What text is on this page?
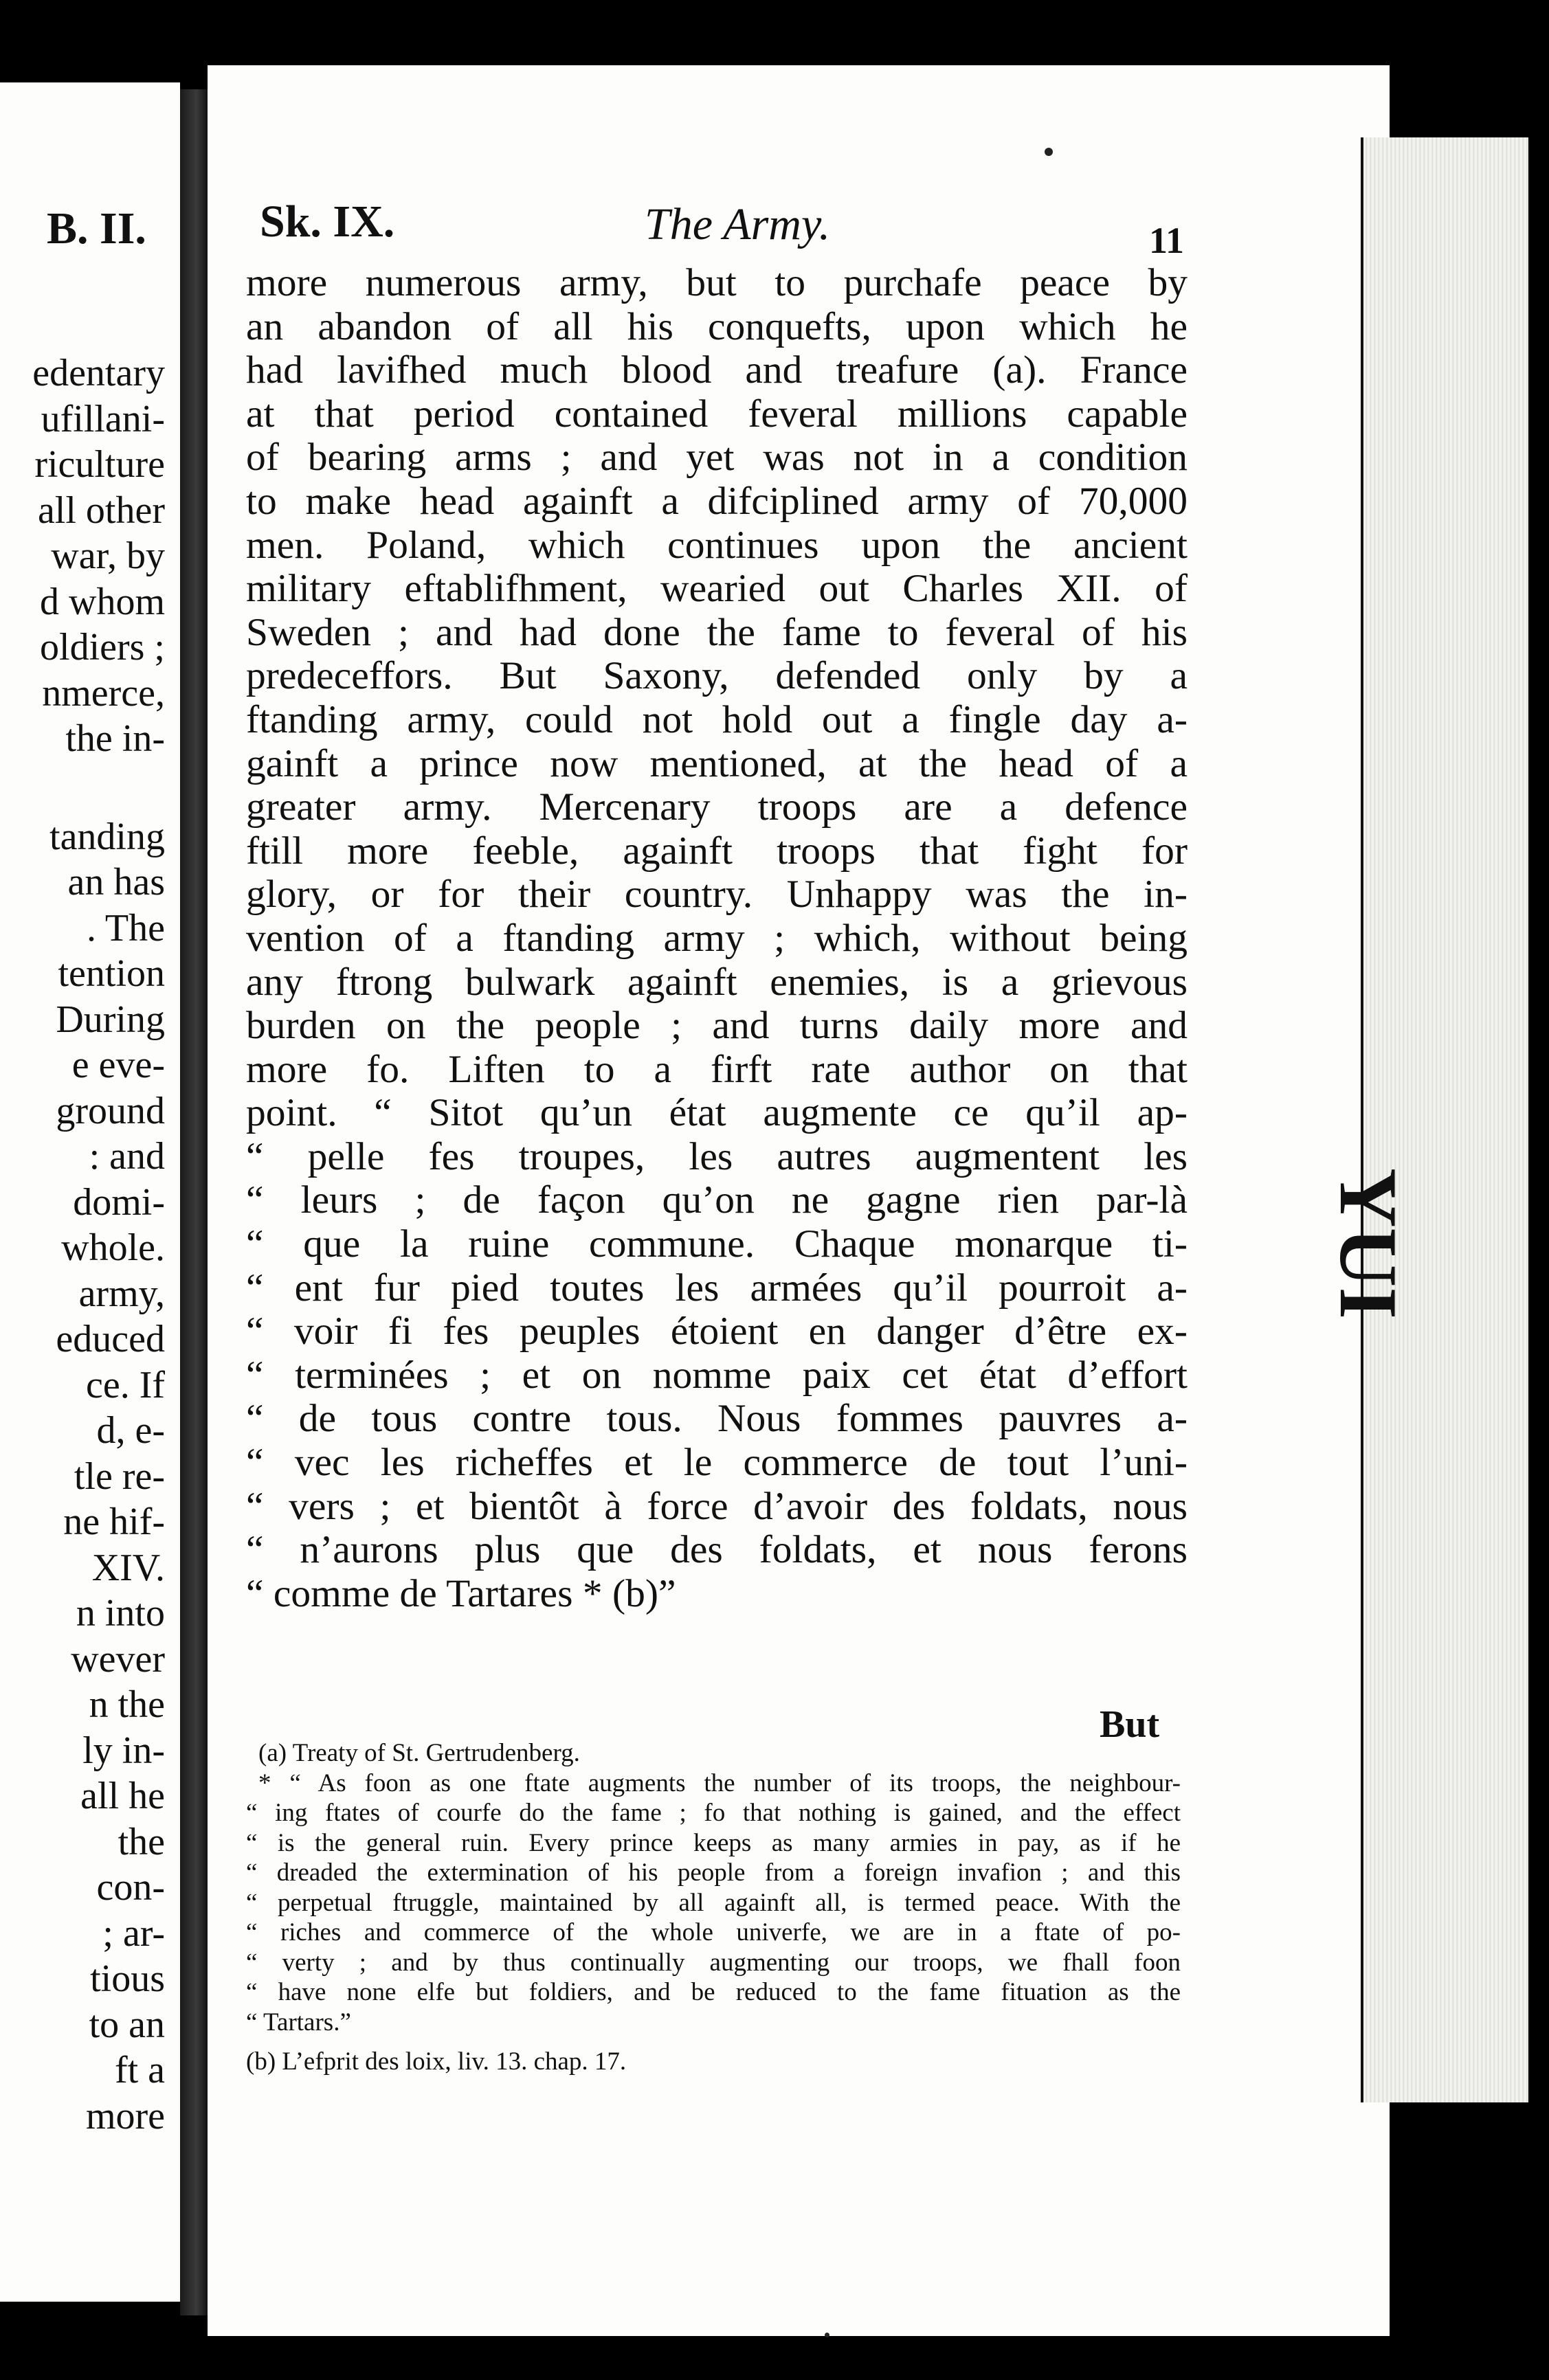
B. II.
edentary
ufillani-
riculture
all other
war, by
d whom
oldiers ;
nmerce,
the in-
tanding
an has
. The
tention
During
e eve-
ground
: and
domi-
whole.
army,
educed
ce. If
d, e-
tle re-
ne hif-
XIV.
n into
wever
n the
ly in-
all he
the
con-
; ar-
tious
to an
ft a
more
YUI
Sk. IX.	The Army.	11
more numerous army, but to purchafe peace by
an abandon of all his conquefts, upon which he
had lavifhed much blood and treafure (a). France
at that period contained feveral millions capable
of bearing arms ; and yet was not in a condition
to make head againft a difciplined army of 70,000
men. Poland, which continues upon the ancient
military eftablifhment, wearied out Charles XII. of
Sweden ; and had done the fame to feveral of his
predeceffors. But Saxony, defended only by a
ftanding army, could not hold out a fingle day a-
gainft a prince now mentioned, at the head of a
greater army. Mercenary troops are a defence
ftill more feeble, againft troops that fight for
glory, or for their country. Unhappy was the in-
vention of a ftanding army ; which, without being
any ftrong bulwark againft enemies, is a grievous
burden on the people ; and turns daily more and
more fo. Liften to a firft rate author on that
point. “ Sitot qu’un état augmente ce qu’il ap-
“ pelle fes troupes, les autres augmentent les
“ leurs ; de façon qu’on ne gagne rien par-là
“ que la ruine commune. Chaque monarque ti-
“ ent fur pied toutes les armées qu’il pourroit a-
“ voir fi fes peuples étoient en danger d’être ex-
“ terminées ; et on nomme paix cet état d’effort
“ de tous contre tous. Nous fommes pauvres a-
“ vec les richeffes et le commerce de tout l’uni-
“ vers ; et bientôt à force d’avoir des foldats, nous
“ n’aurons plus que des foldats, et nous ferons
“ comme de Tartares * (b)”
But
(a) Treaty of St. Gertrudenberg.
* “ As foon as one ftate augments the number of its troops, the neighbour-
“ ing ftates of courfe do the fame ; fo that nothing is gained, and the effect
“ is the general ruin. Every prince keeps as many armies in pay, as if he
“ dreaded the extermination of his people from a foreign invafion ; and this
“ perpetual ftruggle, maintained by all againft all, is termed peace. With the
“ riches and commerce of the whole univerfe, we are in a ftate of po-
“ verty ; and by thus continually augmenting our troops, we fhall foon
“ have none elfe but foldiers, and be reduced to the fame fituation as the
“ Tartars.”
(b) L’efprit des loix, liv. 13. chap. 17.
